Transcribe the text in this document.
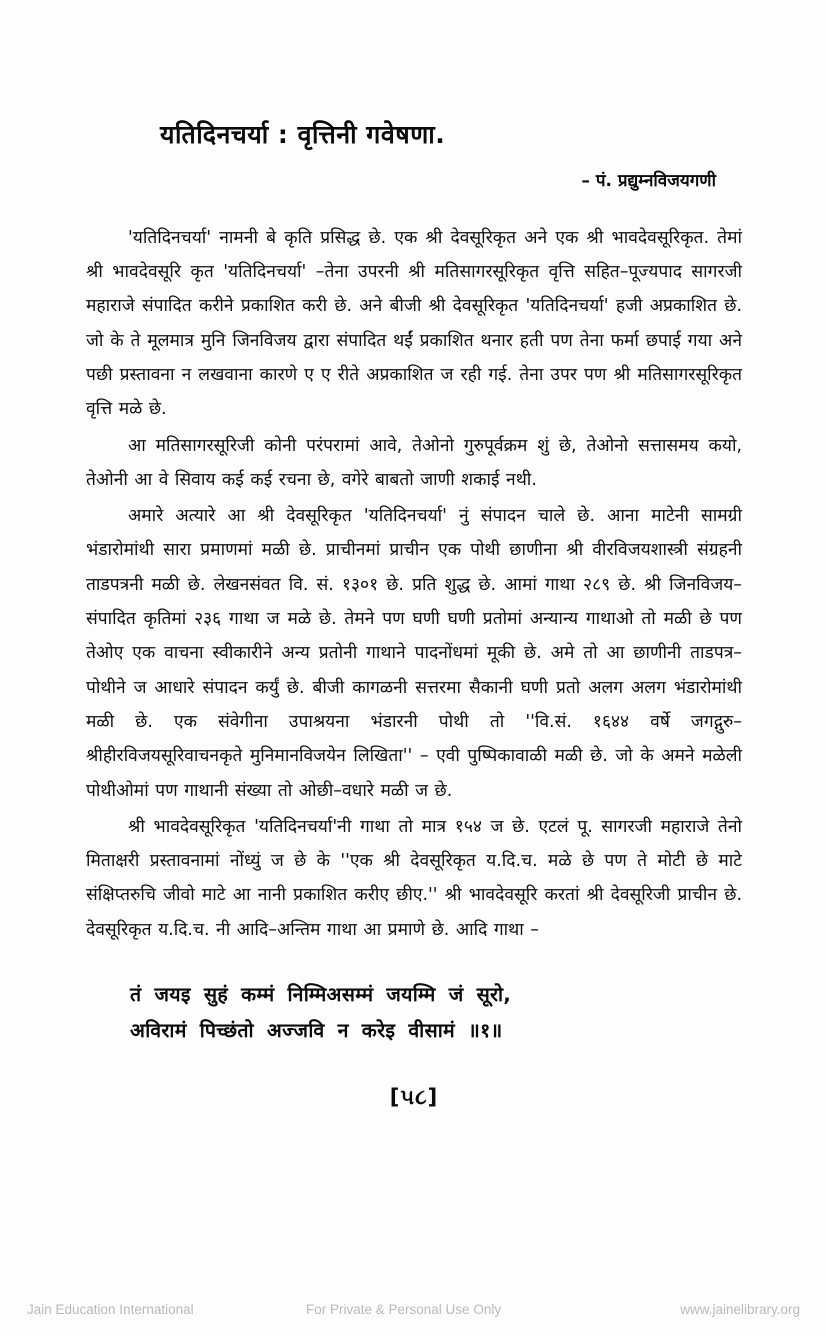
यतिदिनचर्या : वृत्तिनी गवेषणा.

– पं. प्रद्युम्नविजयगणी

'यतिदिनचर्या' नामनी बे कृति प्रसिद्ध छे. एक श्री देवसूरिकृत अने एक श्री भावदेवसूरिकृत. तेमां श्री भावदेवसूरि कृत 'यतिदिनचर्या' –तेना उपरनी श्री मतिसागरसूरिकृत वृत्ति सहित–पूज्यपाद सागरजी महाराजे संपादित करीने प्रकाशित करी छे. अने बीजी श्री देवसूरिकृत 'यतिदिनचर्या' हजी अप्रकाशित छे. जो के ते मूलमात्र मुनि जिनविजय द्वारा संपादित थईं प्रकाशित थनार हती पण तेना फर्मा छपाई गया अने पछी प्रस्तावना न लखवाना कारणे ए ए रीते अप्रकाशित ज रही गई. तेना उपर पण श्री मतिसागरसूरिकृत वृत्ति मळे छे.

आ मतिसागरसूरिजी कोनी परंपरामां आवे, तेओनो गुरुपूर्वक्रम शुं छे, तेओनो सत्तासमय कयो, तेओनी आ वे सिवाय कई कई रचना छे, वगेरे बाबतो जाणी शकाई नथी.

अमारे अत्यारे आ श्री देवसूरिकृत 'यतिदिनचर्या' नुं संपादन चाले छे. आना माटेनी सामग्री भंडारोमांथी सारा प्रमाणमां मळी छे. प्राचीनमां प्राचीन एक पोथी छाणीना श्री वीरविजयशास्त्री संग्रहनी ताडपत्रनी मळी छे. लेखनसंवत वि. सं. १३०१ छे. प्रति शुद्ध छे. आमां गाथा २८९ छे. श्री जिनविजय–संपादित कृतिमां २३६ गाथा ज मळे छे. तेमने पण घणी घणी प्रतोमां अन्यान्य गाथाओ तो मळी छे पण तेओए एक वाचना स्वीकारीने अन्य प्रतोनी गाथाने पादनोंधमां मूकी छे. अमे तो आ छाणीनी ताडपत्र–पोथीने ज आधारे संपादन कर्युं छे. बीजी कागळनी सत्तरमा सैकानी घणी प्रतो अलग अलग भंडारोमांथी मळी छे. एक संवेगीना उपाश्रयना भंडारनी पोथी तो ''वि.सं. १६४४ वर्षे जगद्गुरु– श्रीहीरविजयसूरिवाचनकृते मुनिमानविजयेन लिखिता'' – एवी पुष्पिकावाळी मळी छे. जो के अमने मळेली पोथीओमां पण गाथानी संख्या तो ओछी–वधारे मळी ज छे.

श्री भावदेवसूरिकृत 'यतिदिनचर्या'नी गाथा तो मात्र १५४ ज छे. एटलं पू. सागरजी महाराजे तेनो मिताक्षरी प्रस्तावनामां नोंध्युं ज छे के ''एक श्री देवसूरिकृत य.दि.च. मळे छे पण ते मोटी छे माटे संक्षिप्तरुचि जीवो माटे आ नानी प्रकाशित करीए छीए.'' श्री भावदेवसूरि करतां श्री देवसूरिजी प्राचीन छे. देवसूरिकृत य.दि.च. नी आदि–अन्तिम गाथा आ प्रमाणे छे. आदि गाथा –

तं जयइ सुहं कम्मं निम्मिअसम्मं जयम्मि जं सूरो,
अविरामं पिच्छंतो अज्जवि न करेइ वीसामं ॥१॥
[૫૮]
Jain Education International	For Private & Personal Use Only	www.jainelibrary.org
